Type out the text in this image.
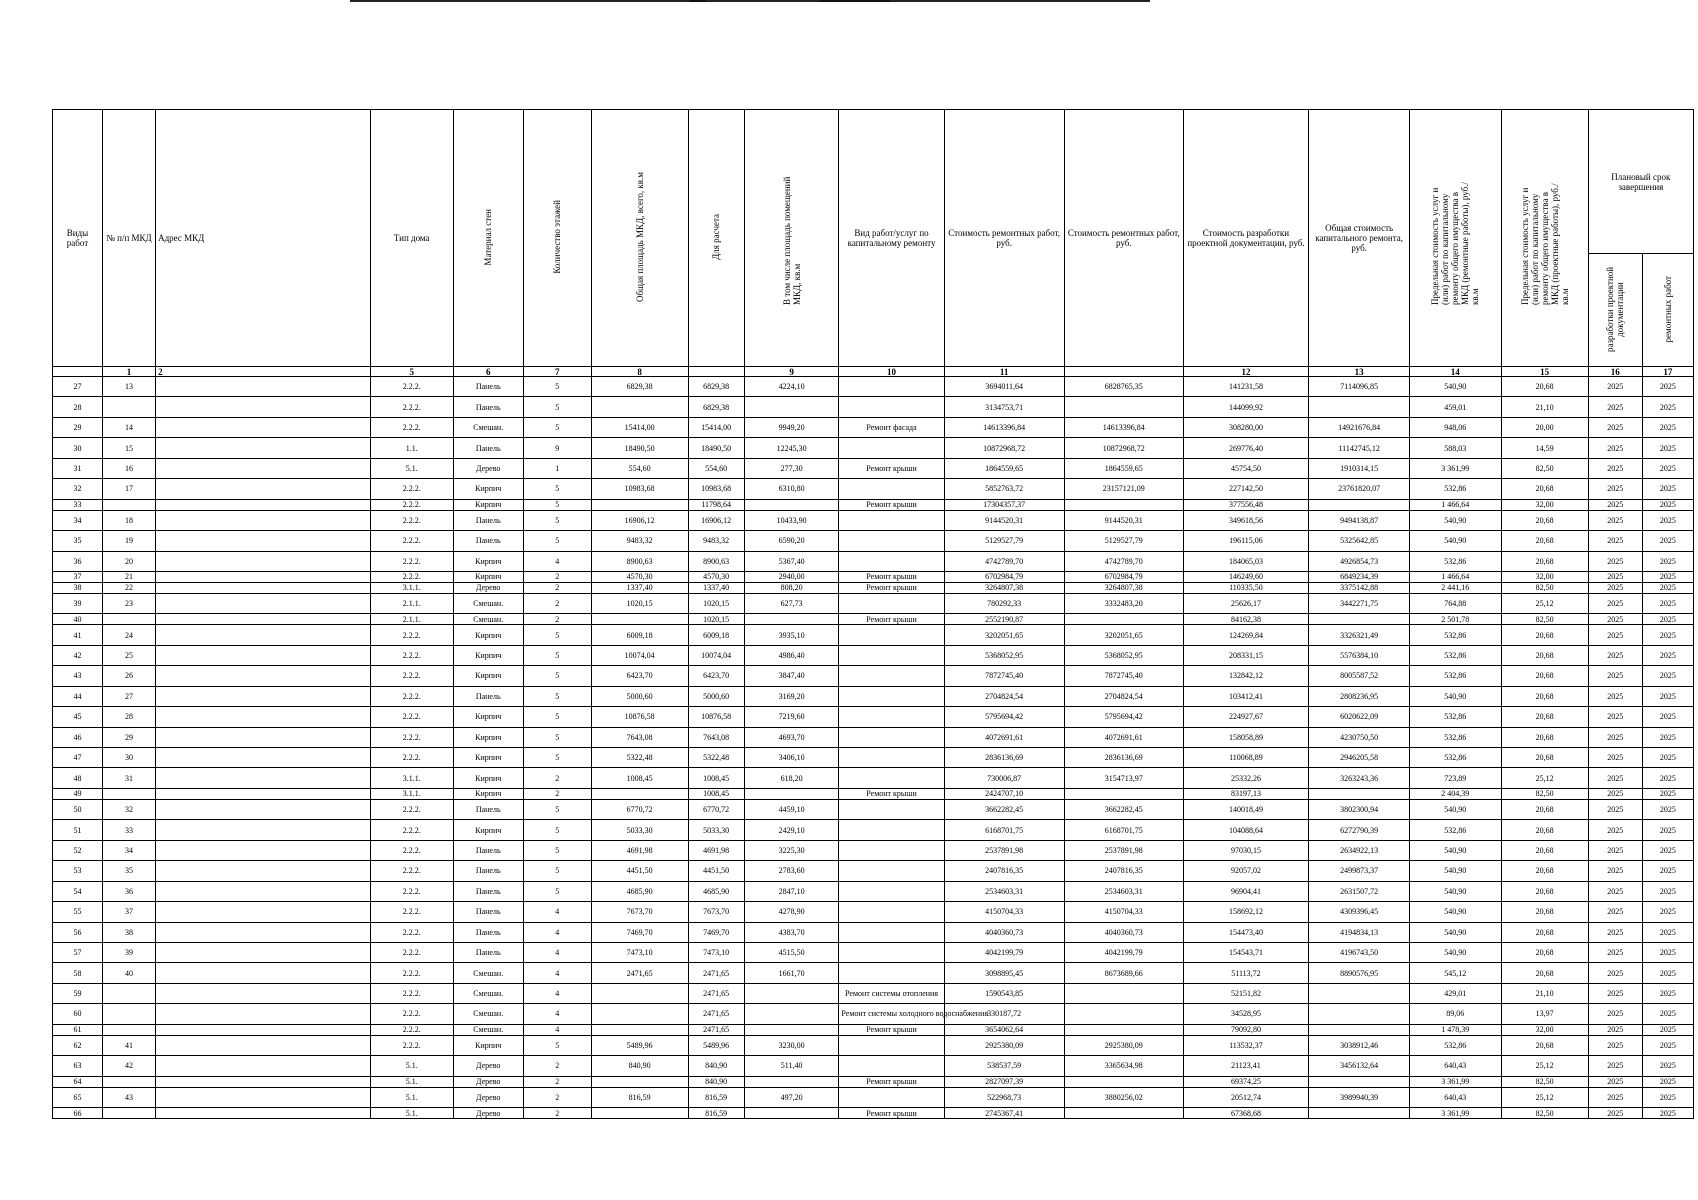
Виды работ	№ п/п МКД	Адрес МКД	Тип дома	Материал стен	Количество этажей	Общая площадь МКД, всего, кв.м	Для расчета	В том числе площадь помещений МКД, кв.м	Вид работ/услуг по капитальному ремонту	Стоимость ремонтных работ, руб.	Стоимость ремонтных работ, руб.	Стоимость разработки проектной документации, руб.	Общая стоимость капитального ремонта, руб.	Предельная стоимость услуг и (или) работ по капитальному ремонту общего имущества в МКД (ремонтные работы), руб./кв.м	Предельная стоимость услуг и (или) работ по капитальному ремонту общего имущества в МКД (проектные работы), руб./кв.м	Плановый срок завершения	
																разработки проектной документации	ремонтных работ
	1	2	5	6	7	8		9	10	11		12	13	14	15	16	17
27	13		2.2.2.	Панель	5	6829,38	6829,38	4224,10		3694011,64	6828765,35	141231,58	7114096,85	540,90	20,68	2025	2025
28			2.2.2.	Панель	5		6829,38			3134753,71		144099,92		459,01	21,10	2025	2025
29	14		2.2.2.	Смешан.	5	15414,00	15414,00	9949,20	Ремонт фасада	14613396,84	14613396,84	308280,00	14921676,84	948,06	20,00	2025	2025
30	15		1.1.	Панель	9	18490,50	18490,50	12245,30		10872968,72	10872968,72	269776,40	11142745,12	588,03	14,59	2025	2025
31	16		5.1.	Дерево	1	554,60	554,60	277,30	Ремонт крыши	1864559,65	1864559,65	45754,50	1910314,15	3 361,99	82,50	2025	2025
32	17		2.2.2.	Кирпич	5	10983,68	10983,68	6310,80		5852763,72	23157121,09	227142,50	23761820,07	532,86	20,68	2025	2025
33			2.2.2.	Кирпич	5		11798,64		Ремонт крыши	17304357,37		377556,48		1 466,64	32,00	2025	2025
34	18		2.2.2.	Панель	5	16906,12	16906,12	10433,90		9144520,31	9144520,31	349618,56	9494138,87	540,90	20,68	2025	2025
35	19		2.2.2.	Панель	5	9483,32	9483,32	6590,20		5129527,79	5129527,79	196115,06	5325642,85	540,90	20,68	2025	2025
36	20		2.2.2.	Кирпич	4	8900,63	8900,63	5367,40		4742789,70	4742789,70	184065,03	4926854,73	532,86	20,68	2025	2025
37	21		2.2.2.	Кирпич	2	4570,30	4570,30	2940,00	Ремонт крыши	6702984,79	6702984,79	146249,60	6849234,39	1 466,64	32,00	2025	2025
38	22		3.1.1.	Дерево	2	1337,40	1337,40	808,20	Ремонт крыши	3264807,38	3264807,38	110335,50	3375142,88	2 441,16	82,50	2025	2025
39	23		2.1.1.	Смешан.	2	1020,15	1020,15	627,73		780292,33	3332483,20	25626,17	3442271,75	764,88	25,12	2025	2025
40			2.1.1.	Смешан.	2		1020,15		Ремонт крыши	2552190,87		84162,38		2 501,78	82,50	2025	2025
41	24		2.2.2.	Кирпич	5	6009,18	6009,18	3935,10		3202051,65	3202051,65	124269,84	3326321,49	532,86	20,68	2025	2025
42	25		2.2.2.	Кирпич	5	10074,04	10074,04	4986,40		5368052,95	5368052,95	208331,15	5576384,10	532,86	20,68	2025	2025
43	26		2.2.2.	Кирпич	5	6423,70	6423,70	3847,40		7872745,40	7872745,40	132842,12	8005587,52	532,86	20,68	2025	2025
44	27		2.2.2.	Панель	5	5000,60	5000,60	3169,20		2704824,54	2704824,54	103412,41	2808236,95	540,90	20,68	2025	2025
45	28		2.2.2.	Кирпич	5	10876,58	10876,58	7219,60		5795694,42	5795694,42	224927,67	6020622,09	532,86	20,68	2025	2025
46	29		2.2.2.	Кирпич	5	7643,08	7643,08	4693,70		4072691,61	4072691,61	158058,89	4230750,50	532,86	20,68	2025	2025
47	30		2.2.2.	Кирпич	5	5322,48	5322,48	3406,10		2836136,69	2836136,69	110068,89	2946205,58	532,86	20,68	2025	2025
48	31		3.1.1.	Кирпич	2	1008,45	1008,45	618,20		730006,87	3154713,97	25332,26	3263243,36	723,89	25,12	2025	2025
49			3.1.1.	Кирпич	2		1008,45		Ремонт крыши	2424707,10		83197,13		2 404,39	82,50	2025	2025
50	32		2.2.2.	Панель	5	6770,72	6770,72	4459,10		3662282,45	3662282,45	140018,49	3802300,94	540,90	20,68	2025	2025
51	33		2.2.2.	Кирпич	5	5033,30	5033,30	2429,10		6168701,75	6168701,75	104088,64	6272790,39	532,86	20,68	2025	2025
52	34		2.2.2.	Панель	5	4691,98	4691,98	3225,30		2537891,98	2537891,98	97030,15	2634922,13	540,90	20,68	2025	2025
53	35		2.2.2.	Панель	5	4451,50	4451,50	2783,60		2407816,35	2407816,35	92057,02	2499873,37	540,90	20,68	2025	2025
54	36		2.2.2.	Панель	5	4685,90	4685,90	2847,10		2534603,31	2534603,31	96904,41	2631507,72	540,90	20,68	2025	2025
55	37		2.2.2.	Панель	4	7673,70	7673,70	4278,90		4150704,33	4150704,33	158692,12	4309396,45	540,90	20,68	2025	2025
56	38		2.2.2.	Панель	4	7469,70	7469,70	4383,70		4040360,73	4040360,73	154473,40	4194834,13	540,90	20,68	2025	2025
57	39		2.2.2.	Панель	4	7473,10	7473,10	4515,50		4042199,79	4042199,79	154543,71	4196743,50	540,90	20,68	2025	2025
58	40		2.2.2.	Смешан.	4	2471,65	2471,65	1661,70		3098895,45	8673689,66	51113,72	8890576,95	545,12	20,68	2025	2025
59			2.2.2.	Смешан.	4		2471,65		Ремонт системы отопления	1590543,85		52151,82		429,01	21,10	2025	2025
60			2.2.2.	Смешан.	4		2471,65		Ремонт системы холодного водоснабжения	330187,72		34528,95		89,06	13,97	2025	2025
61			2.2.2.	Смешан.	4		2471,65		Ремонт крыши	3654062,64		79092,80		1 478,39	32,00	2025	2025
62	41		2.2.2.	Кирпич	5	5489,96	5489,96	3230,00		2925380,09	2925380,09	113532,37	3038912,46	532,86	20,68	2025	2025
63	42		5.1.	Дерево	2	840,90	840,90	511,40		538537,59	3365634,98	21123,41	3456132,64	640,43	25,12	2025	2025
64			5.1.	Дерево	2		840,90		Ремонт крыши	2827097,39		69374,25		3 361,99	82,50	2025	2025
65	43		5.1.	Дерево	2	816,59	816,59	497,20		522968,73	3880256,02	20512,74	3989940,39	640,43	25,12	2025	2025
66			5.1.	Дерево	2		816,59		Ремонт крыши	2745367,41		67368,68		3 361,99	82,50	2025	2025
